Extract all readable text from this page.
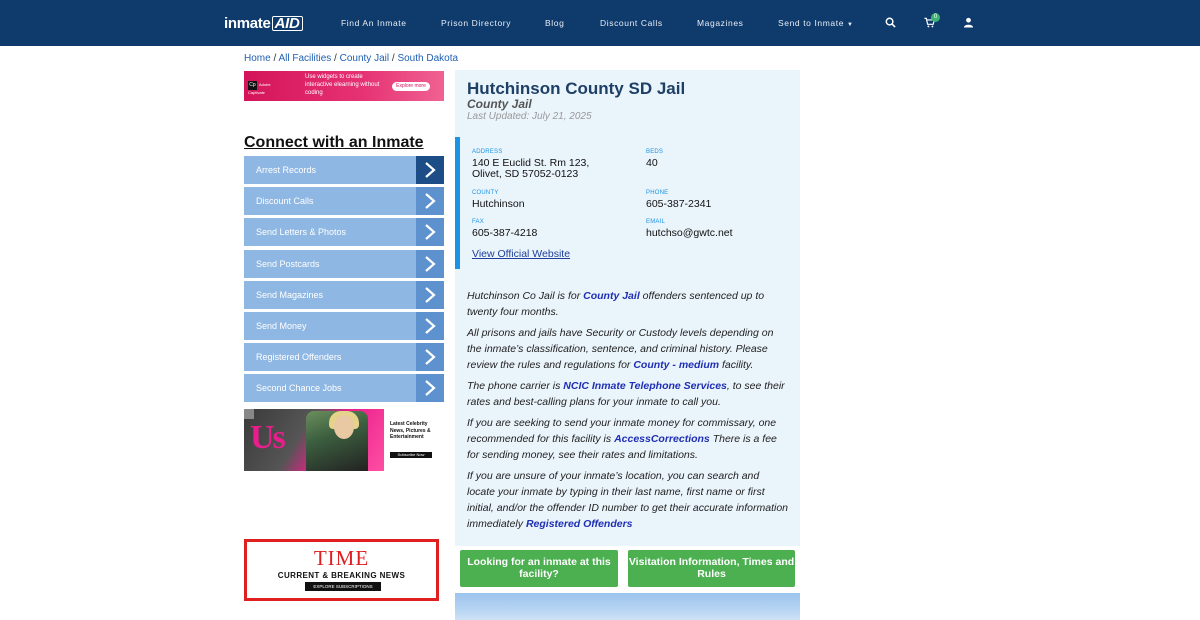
inmate AID	Find An Inmate	Prison Directory	Blog	Discount Calls	Magazines	Send to Inmate ▼
0
Home / All Facilities / County Jail / South Dakota
Cp Adobe Captivate
Use widgets to create interactive elearning without coding
Explore more
Connect with an Inmate
Arrest Records
Discount Calls
Send Letters & Photos
Send Postcards
Send Magazines
Send Money
Registered Offenders
Second Chance Jobs
Us	Latest Celebrity News, Pictures & Entertainment
Subscribe Now
TIME
CURRENT & BREAKING NEWS
EXPLORE SUBSCRIPTIONS
Hutchinson County SD Jail
County Jail
Last Updated: July 21, 2025
ADDRESS
140 E Euclid St. Rm 123,
Olivet, SD 57052-0123
BEDS
40
COUNTY
Hutchinson
PHONE
605-387-2341
FAX
605-387-4218
EMAIL
hutchso@gwtc.net
View Official Website

Hutchinson Co Jail is for County Jail offenders sentenced up to twenty four months.

All prisons and jails have Security or Custody levels depending on the inmate’s classification, sentence, and criminal history. Please review the rules and regulations for County - medium facility.

The phone carrier is NCIC Inmate Telephone Services, to see their rates and best-calling plans for your inmate to call you.

If you are seeking to send your inmate money for commissary, one recommended for this facility is AccessCorrections There is a fee for sending money, see their rates and limitations.

If you are unsure of your inmate’s location, you can search and locate your inmate by typing in their last name, first name or first initial, and/or the offender ID number to get their accurate information immediately Registered Offenders

Looking for an inmate at this facility?
Visitation Information, Times and Rules
